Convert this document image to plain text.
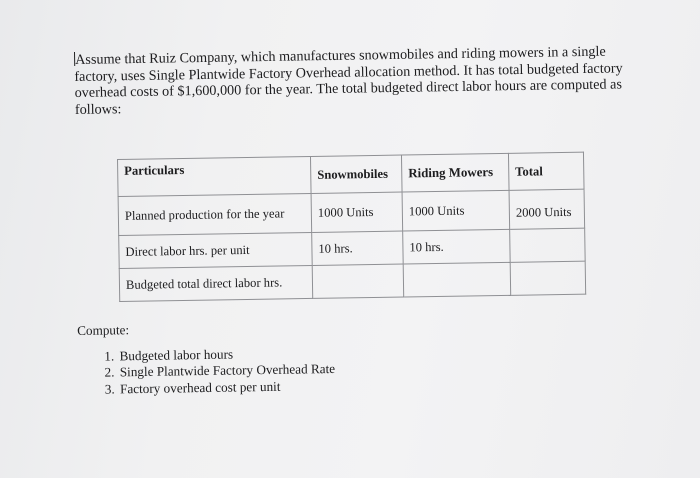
Assume that Ruiz Company, which manufactures snowmobiles and riding mowers in a single factory, uses Single Plantwide Factory Overhead allocation method. It has total budgeted factory overhead costs of $1,600,000 for the year. The total budgeted direct labor hours are computed as follows:

Particulars	Snowmobiles	Riding Mowers	Total
Planned production for the year	1000 Units	1000 Units	2000 Units
Direct labor hrs. per unit	10 hrs.	10 hrs.	
Budgeted total direct labor hrs.			

Compute:

1. Budgeted labor hours
2. Single Plantwide Factory Overhead Rate
3. Factory overhead cost per unit
